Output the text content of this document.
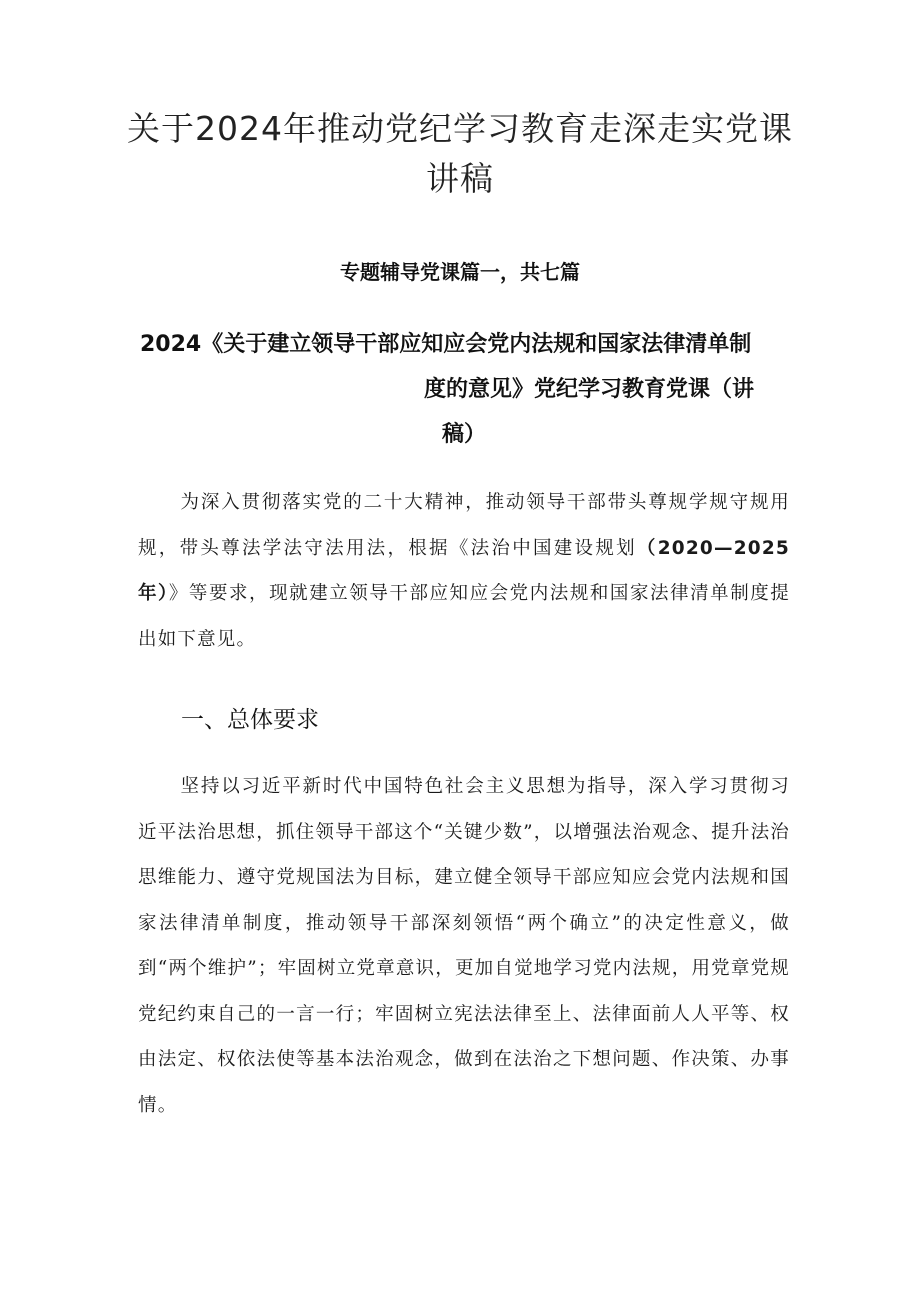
关于2024年推动党纪学习教育走深走实党课讲稿

专题辅导党课篇一，共七篇

2024《关于建立领导干部应知应会党内法规和国家法律清单制
度的意见》党纪学习教育党课（讲
稿）

为深入贯彻落实党的二十大精神，推动领导干部带头尊规学规守规用规，带头尊法学法守法用法，根据《法治中国建设规划（2020—2025年）》等要求，现就建立领导干部应知应会党内法规和国家法律清单制度提出如下意见。

一、总体要求

坚持以习近平新时代中国特色社会主义思想为指导，深入学习贯彻习近平法治思想，抓住领导干部这个“关键少数”，以增强法治观念、提升法治思维能力、遵守党规国法为目标，建立健全领导干部应知应会党内法规和国家法律清单制度，推动领导干部深刻领悟“两个确立”的决定性意义，做到“两个维护”；牢固树立党章意识，更加自觉地学习党内法规，用党章党规党纪约束自己的一言一行；牢固树立宪法法律至上、法律面前人人平等、权由法定、权依法使等基本法治观念，做到在法治之下想问题、作决策、办事情。
